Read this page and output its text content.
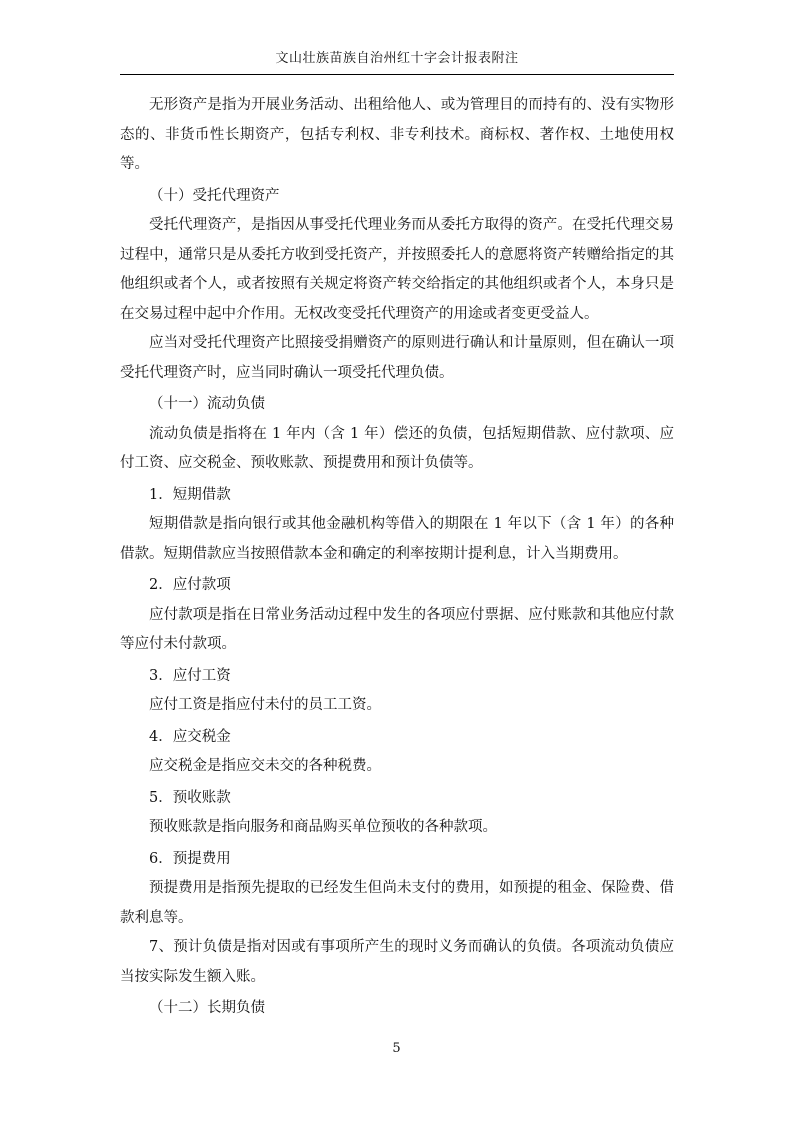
文山壮族苗族自治州红十字会计报表附注

无形资产是指为开展业务活动、出租给他人、或为管理目的而持有的、没有实物形态的、非货币性长期资产，包括专利权、非专利技术。商标权、著作权、土地使用权等。

（十）受托代理资产

受托代理资产，是指因从事受托代理业务而从委托方取得的资产。在受托代理交易过程中，通常只是从委托方收到受托资产，并按照委托人的意愿将资产转赠给指定的其他组织或者个人，或者按照有关规定将资产转交给指定的其他组织或者个人，本身只是在交易过程中起中介作用。无权改变受托代理资产的用途或者变更受益人。

应当对受托代理资产比照接受捐赠资产的原则进行确认和计量原则，但在确认一项受托代理资产时，应当同时确认一项受托代理负债。

（十一）流动负债

流动负债是指将在 1 年内（含 1 年）偿还的负债，包括短期借款、应付款项、应付工资、应交税金、预收账款、预提费用和预计负债等。

1．短期借款

短期借款是指向银行或其他金融机构等借入的期限在 1 年以下（含 1 年）的各种借款。短期借款应当按照借款本金和确定的利率按期计提利息，计入当期费用。

2．应付款项

应付款项是指在日常业务活动过程中发生的各项应付票据、应付账款和其他应付款等应付未付款项。

3．应付工资

应付工资是指应付未付的员工工资。

4．应交税金

应交税金是指应交未交的各种税费。

5．预收账款

预收账款是指向服务和商品购买单位预收的各种款项。

6．预提费用

预提费用是指预先提取的已经发生但尚未支付的费用，如预提的租金、保险费、借款利息等。

7、预计负债是指对因或有事项所产生的现时义务而确认的负债。各项流动负债应当按实际发生额入账。

（十二）长期负债

5
